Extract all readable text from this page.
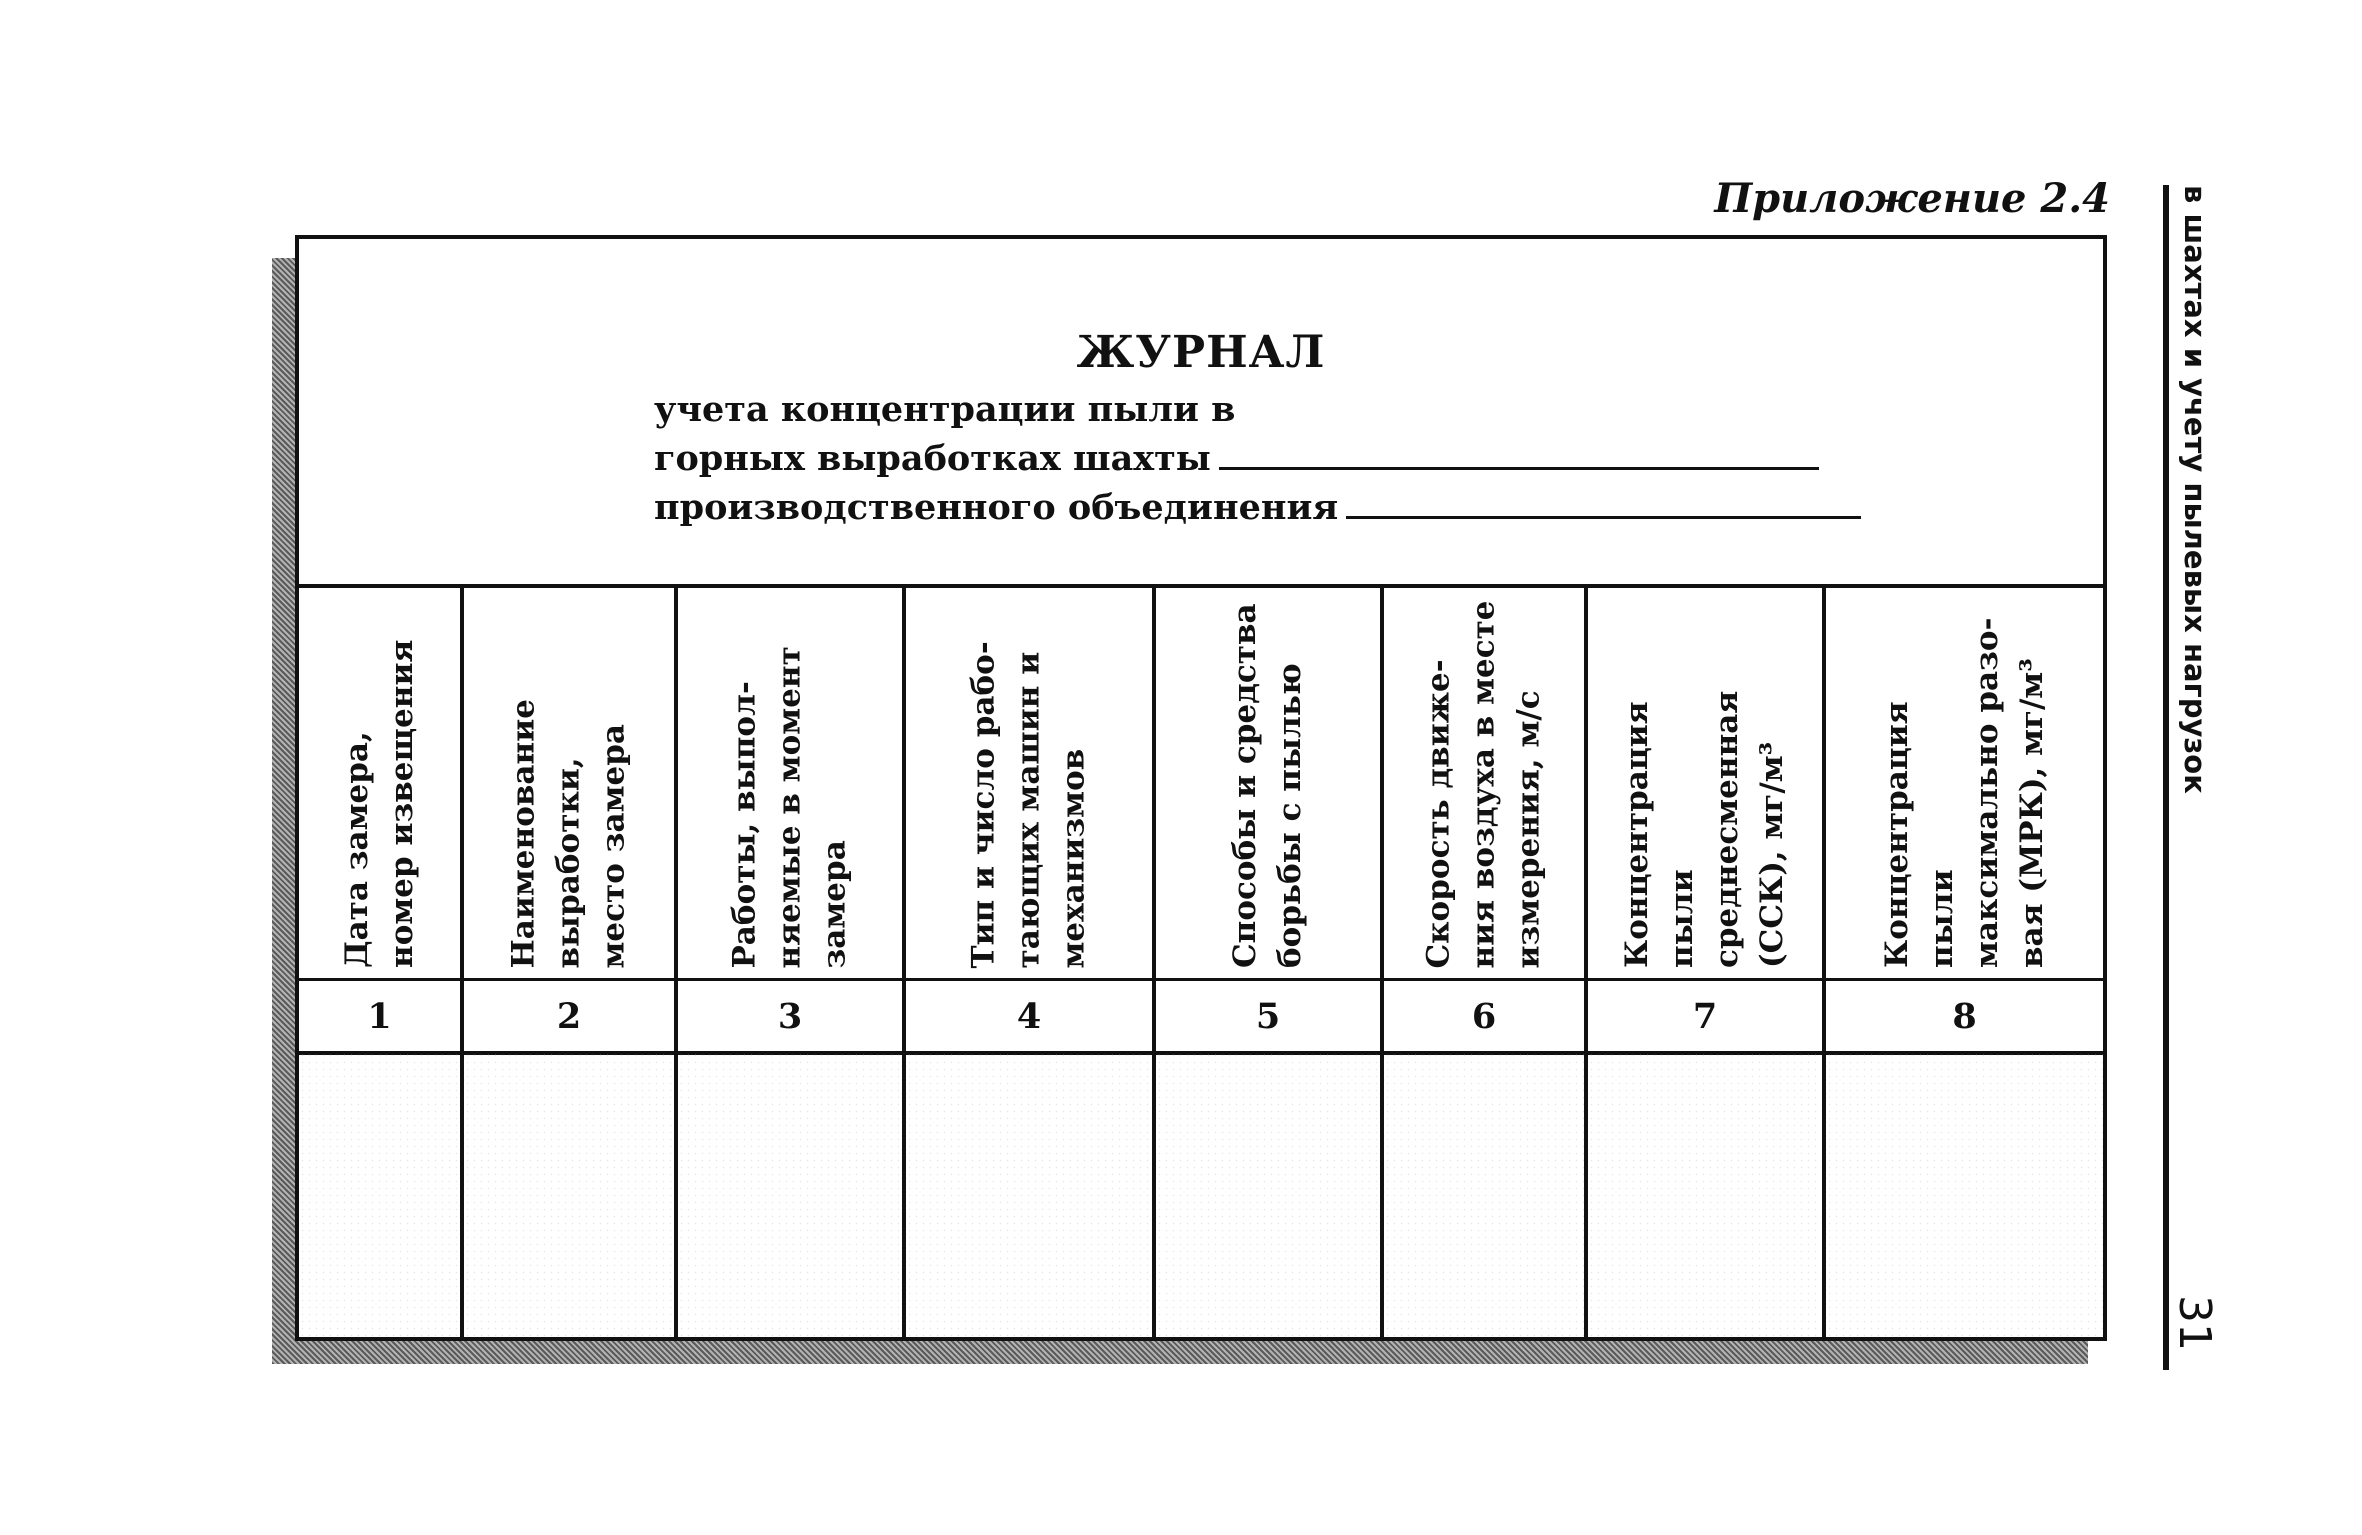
Приложение 2.4
ЖУРНАЛ
учета концентрации пыли в
горных выработках шахты
производственного объединения
Дата замера,
номер извещения
1
Наименование
выработки,
место замера
2
Работы, выпол-
няемые в момент
замера
3
Тип и число рабо-
тающих машин и
механизмов
4
Способы и средства
борьбы с пылью
5
Скорость движе-
ния воздуха в месте
измерения, м/с
6
Концентрация пыли
среднесменная
(ССК), мг/м³
7
Концентрация пыли
максимально разо-
вая (МРК), мг/м³
8
в шахтах и учету пылевых нагрузок
31
